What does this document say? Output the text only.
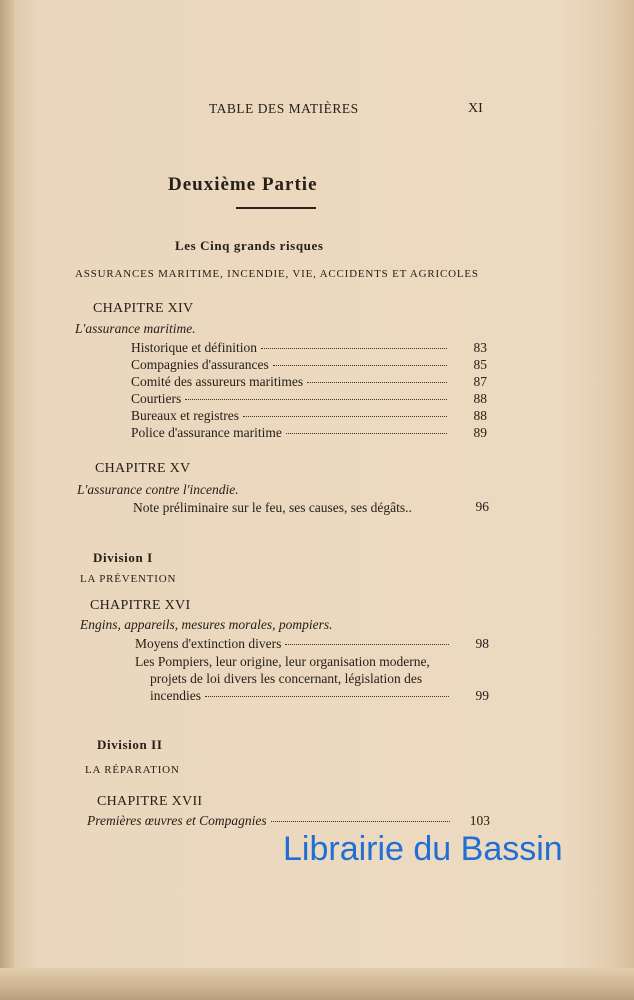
TABLE DES MATIÈRES	XI
Deuxième Partie
Les Cinq grands risques
ASSURANCES MARITIME, INCENDIE, VIE, ACCIDENTS ET AGRICOLES
CHAPITRE XIV
L'assurance maritime.
Historique et définition	83
Compagnies d'assurances	85
Comité des assureurs maritimes	87
Courtiers	88
Bureaux et registres	88
Police d'assurance maritime	89
CHAPITRE XV
L'assurance contre l'incendie.
Note préliminaire sur le feu, ses causes, ses dégâts..	96
Division I
LA PRÉVENTION
CHAPITRE XVI
Engins, appareils, mesures morales, pompiers.
Moyens d'extinction divers	98
Les Pompiers, leur origine, leur organisation moderne,
projets de loi divers les concernant, législation des
incendies	99
Division II
LA RÉPARATION
CHAPITRE XVII
Premières œuvres et Compagnies	103
Librairie du Bassin
